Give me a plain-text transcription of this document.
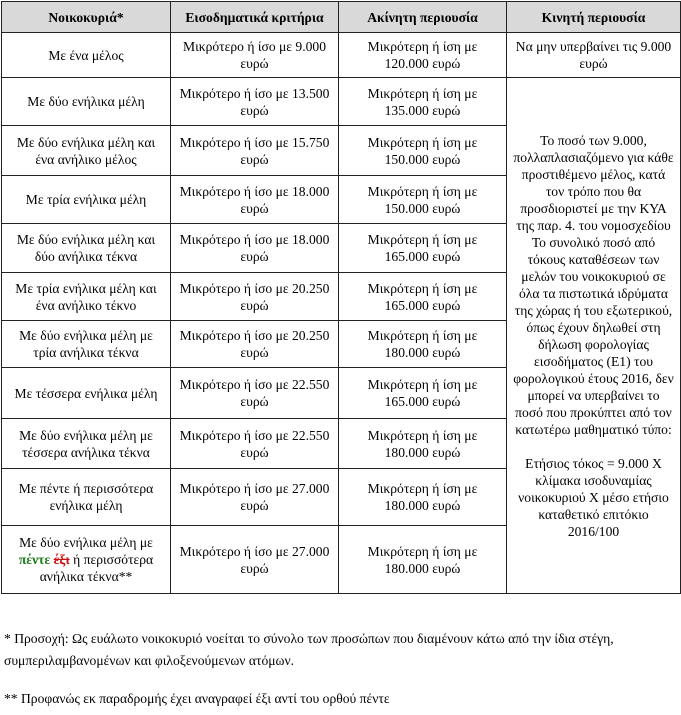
Νοικοκυριά*	Εισοδηματικά κριτήρια	Ακίνητη περιουσία	Κινητή περιουσία
Με ένα μέλος	Μικρότερο ή ίσο με 9.000 ευρώ	Μικρότερη ή ίση με 120.000 ευρώ	Να μην υπερβαίνει τις 9.000 ευρώ
Με δύο ενήλικα μέλη	Μικρότερο ή ίσο με 13.500 ευρώ	Μικρότερη ή ίση με 135.000 ευρώ	Το ποσό των 9.000, πολλαπλασιαζόμενο για κάθε προστιθέμενο μέλος, κατά τον τρόπο που θα προσδιοριστεί με την ΚΥΑ της παρ. 4. του νομοσχεδίου
Το συνολικό ποσό από τόκους καταθέσεων των μελών του νοικοκυριού σε όλα τα πιστωτικά ιδρύματα της χώρας ή του εξωτερικού, όπως έχουν δηλωθεί στη δήλωση φορολογίας εισοδήματος (Ε1) του φορολογικού έτους 2016, δεν μπορεί να υπερβαίνει το ποσό που προκύπτει από τον κατωτέρω μαθηματικό τύπο:
Ετήσιος τόκος = 9.000 Χ κλίμακα ισοδυναμίας νοικοκυριού Χ μέσο ετήσιο καταθετικό επιτόκιο 2016/100

Με δύο ενήλικα μέλη και ένα ανήλικο μέλος	Μικρότερο ή ίσο με 15.750 ευρώ	Μικρότερη ή ίση με 150.000 ευρώ	
Με τρία ενήλικα μέλη	Μικρότερο ή ίσο με 18.000 ευρώ	Μικρότερη ή ίση με 150.000 ευρώ	
Με δύο ενήλικα μέλη και δύο ανήλικα τέκνα	Μικρότερο ή ίσο με 18.000 ευρώ	Μικρότερη ή ίση με 165.000 ευρώ	
Με τρία ενήλικα μέλη και ένα ανήλικο τέκνο	Μικρότερο ή ίσο με 20.250 ευρώ	Μικρότερη ή ίση με 165.000 ευρώ	
Με δύο ενήλικα μέλη με τρία ανήλικα τέκνα	Μικρότερο ή ίσο με 20.250 ευρώ	Μικρότερη ή ίση με 180.000 ευρώ	
Με τέσσερα ενήλικα μέλη	Μικρότερο ή ίσο με 22.550 ευρώ	Μικρότερη ή ίση με 165.000 ευρώ	
Με δύο ενήλικα μέλη με τέσσερα ανήλικα τέκνα	Μικρότερο ή ίσο με 22.550 ευρώ	Μικρότερη ή ίση με 180.000 ευρώ	
Με πέντε ή περισσότερα ενήλικα μέλη	Μικρότερο ή ίσο με 27.000 ευρώ	Μικρότερη ή ίση με 180.000 ευρώ	
Με δύο ενήλικα μέλη με πέντε έξι ή περισσότερα ανήλικα τέκνα**	Μικρότερο ή ίσο με 27.000 ευρώ	Μικρότερη ή ίση με 180.000 ευρώ	
* Προσοχή: Ως ευάλωτο νοικοκυριό νοείται το σύνολο των προσώπων που διαμένουν κάτω από την ίδια στέγη, συμπεριλαμβανομένων και φιλοξενούμενων ατόμων.
** Προφανώς εκ παραδρομής έχει αναγραφεί έξι αντί του ορθού πέντε
